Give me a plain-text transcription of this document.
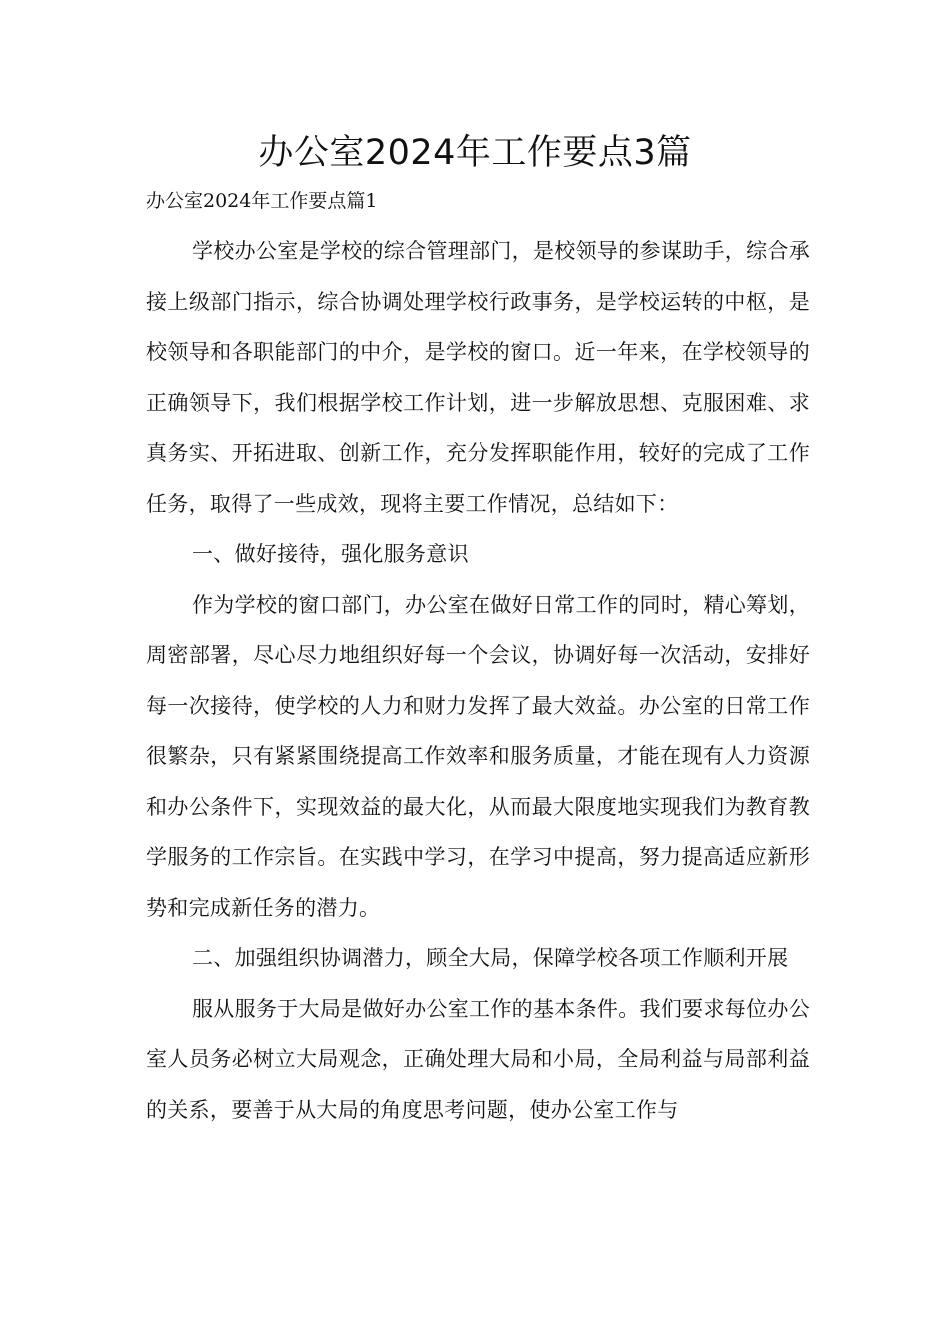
办公室2024年工作要点3篇

办公室2024年工作要点篇1

学校办公室是学校的综合管理部门，是校领导的参谋助手，综合承接上级部门指示，综合协调处理学校行政事务，是学校运转的中枢，是校领导和各职能部门的中介，是学校的窗口。近一年来，在学校领导的正确领导下，我们根据学校工作计划，进一步解放思想、克服困难、求真务实、开拓进取、创新工作，充分发挥职能作用，较好的完成了工作任务，取得了一些成效，现将主要工作情况，总结如下：

一、做好接待，强化服务意识

作为学校的窗口部门，办公室在做好日常工作的同时，精心筹划，周密部署，尽心尽力地组织好每一个会议，协调好每一次活动，安排好每一次接待，使学校的人力和财力发挥了最大效益。办公室的日常工作很繁杂，只有紧紧围绕提高工作效率和服务质量，才能在现有人力资源和办公条件下，实现效益的最大化，从而最大限度地实现我们为教育教学服务的工作宗旨。在实践中学习，在学习中提高，努力提高适应新形势和完成新任务的潜力。

二、加强组织协调潜力，顾全大局，保障学校各项工作顺利开展

服从服务于大局是做好办公室工作的基本条件。我们要求每位办公室人员务必树立大局观念，正确处理大局和小局，全局利益与局部利益的关系，要善于从大局的角度思考问题，使办公室工作与
